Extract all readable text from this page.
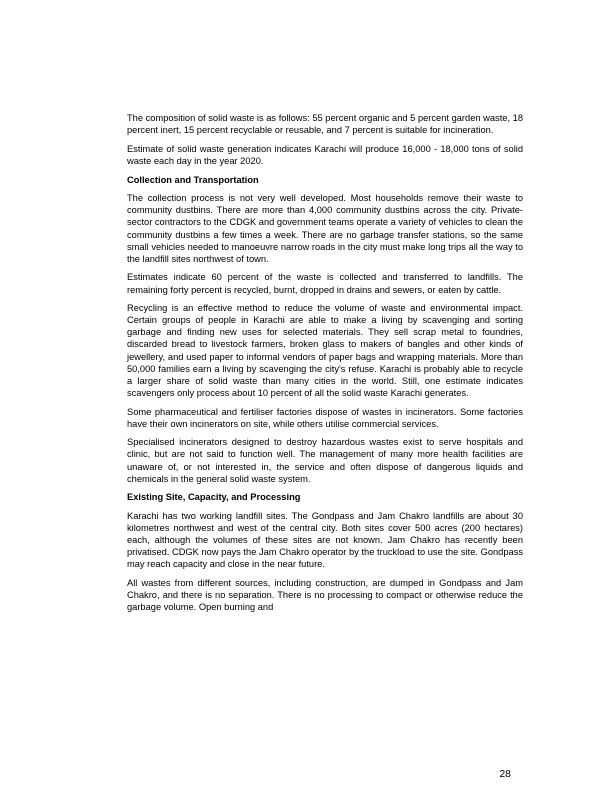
The composition of solid waste is as follows: 55 percent organic and 5 percent garden waste, 18 percent inert, 15 percent recyclable or reusable, and 7 percent is suitable for incineration.

Estimate of solid waste generation indicates Karachi will produce 16,000 - 18,000 tons of solid waste each day in the year 2020.

Collection and Transportation

The collection process is not very well developed. Most households remove their waste to community dustbins. There are more than 4,000 community dustbins across the city. Private-sector contractors to the CDGK and government teams operate a variety of vehicles to clean the community dustbins a few times a week. There are no garbage transfer stations, so the same small vehicles needed to manoeuvre narrow roads in the city must make long trips all the way to the landfill sites northwest of town.

Estimates indicate 60 percent of the waste is collected and transferred to landfills. The remaining forty percent is recycled, burnt, dropped in drains and sewers, or eaten by cattle.

Recycling is an effective method to reduce the volume of waste and environmental impact. Certain groups of people in Karachi are able to make a living by scavenging and sorting garbage and finding new uses for selected materials. They sell scrap metal to foundries, discarded bread to livestock farmers, broken glass to makers of bangles and other kinds of jewellery, and used paper to informal vendors of paper bags and wrapping materials. More than 50,000 families earn a living by scavenging the city's refuse. Karachi is probably able to recycle a larger share of solid waste than many cities in the world. Still, one estimate indicates scavengers only process about 10 percent of all the solid waste Karachi generates.

Some pharmaceutical and fertiliser factories dispose of wastes in incinerators. Some factories have their own incinerators on site, while others utilise commercial services.

Specialised incinerators designed to destroy hazardous wastes exist to serve hospitals and clinic, but are not said to function well. The management of many more health facilities are unaware of, or not interested in, the service and often dispose of dangerous liquids and chemicals in the general solid waste system.

Existing Site, Capacity, and Processing

Karachi has two working landfill sites. The Gondpass and Jam Chakro landfills are about 30 kilometres northwest and west of the central city. Both sites cover 500 acres (200 hectares) each, although the volumes of these sites are not known. Jam Chakro has recently been privatised. CDGK now pays the Jam Chakro operator by the truckload to use the site. Gondpass may reach capacity and close in the near future.

All wastes from different sources, including construction, are dumped in Gondpass and Jam Chakro, and there is no separation. There is no processing to compact or otherwise reduce the garbage volume. Open burning and

28
